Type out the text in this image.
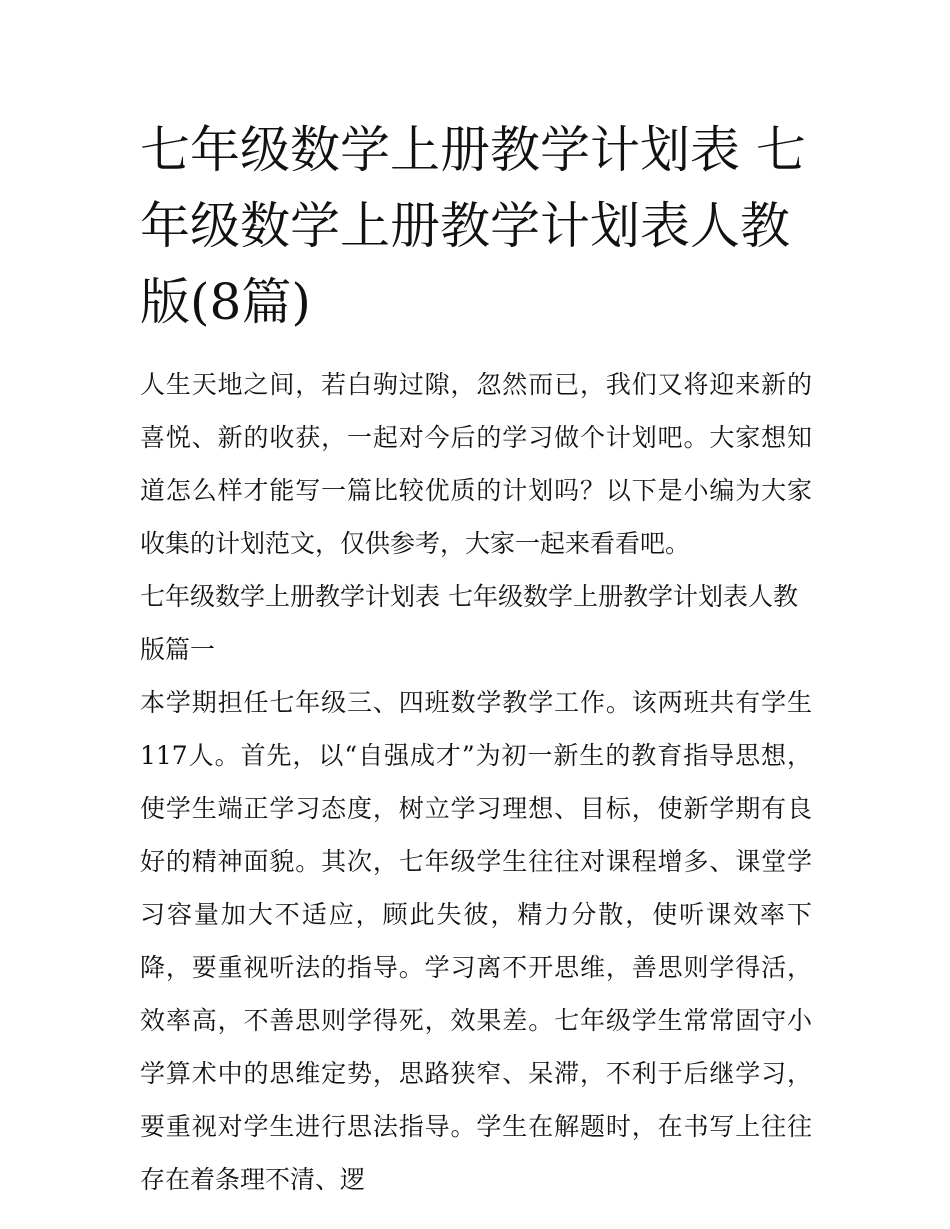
七年级数学上册教学计划表 七年级数学上册教学计划表人教版(8篇)

人生天地之间，若白驹过隙，忽然而已，我们又将迎来新的喜悦、新的收获，一起对今后的学习做个计划吧。大家想知道怎么样才能写一篇比较优质的计划吗？以下是小编为大家收集的计划范文，仅供参考，大家一起来看看吧。

七年级数学上册教学计划表 七年级数学上册教学计划表人教版篇一

本学期担任七年级三、四班数学教学工作。该两班共有学生117人。首先，以“自强成才”为初一新生的教育指导思想，使学生端正学习态度，树立学习理想、目标，使新学期有良好的精神面貌。其次，七年级学生往往对课程增多、课堂学习容量加大不适应，顾此失彼，精力分散，使听课效率下降，要重视听法的指导。学习离不开思维，善思则学得活，效率高，不善思则学得死，效果差。七年级学生常常固守小学算术中的思维定势，思路狭窄、呆滞，不利于后继学习，要重视对学生进行思法指导。学生在解题时，在书写上往往存在着条理不清、逻
